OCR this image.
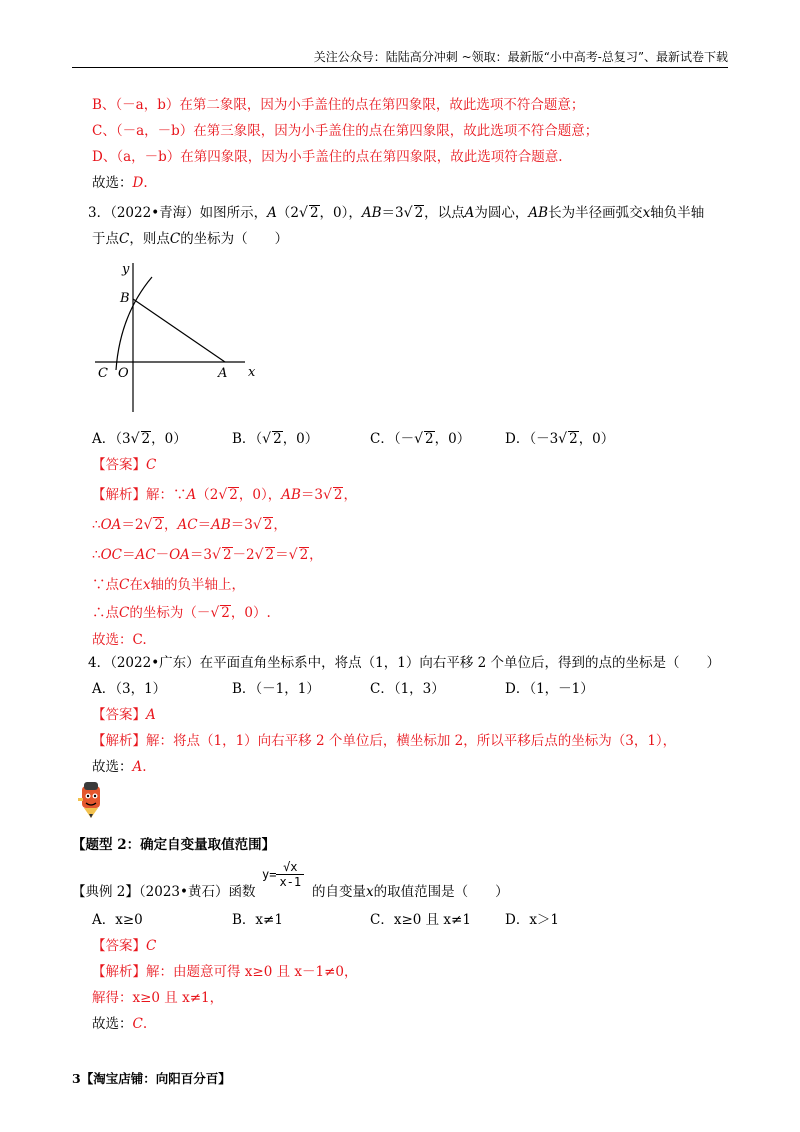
关注公众号：陆陆高分冲刺 ~领取：最新版“小中高考-总复习”、最新试卷下载
B、（－a，b）在第二象限，因为小手盖住的点在第四象限，故此选项不符合题意；
C、（－a，－b）在第三象限，因为小手盖住的点在第四象限，故此选项不符合题意；
D、（a，－b）在第四象限，因为小手盖住的点在第四象限，故此选项符合题意.
故选：D.
3．（2022•青海）如图所示，A（2√ 2，0），AB＝3√ 2，以点A为圆心，AB长为半径画弧交x轴负半轴
于点C，则点C的坐标为（　　）
y
x
B
C O	A
A．（3√ 2，0）	B．（√ 2，0）	C．（－√ 2，0）	D．（－3√ 2，0）
【答案】C
【解析】解：∵A（2√ 2，0），AB＝3√ 2，
∴OA＝2√ 2，AC＝AB＝3√ 2，
∴OC＝AC－OA＝3√ 2－2√ 2＝√ 2，
∵点C在x轴的负半轴上，
∴点C的坐标为（－√ 2，0）.
故选：C.
4．（2022•广东）在平面直角坐标系中，将点（1，1）向右平移 2 个单位后，得到的点的坐标是（　　）
A．（3，1）	B．（－1，1）	C．（1，3）	D．（1，－1）
【答案】A
【解析】解：将点（1，1）向右平移 2 个单位后，横坐标加 2，所以平移后点的坐标为（3，1），
故选：A.
【题型 2：确定自变量取值范围】
【典例 2】（2023•黄石）函数
$y= \frac{√x}{x-1}$
的自变量x的取值范围是（　　）
A．x≥0	B．x≠1	C．x≥0 且 x≠1	D．x＞1
【答案】C
【解析】解：由题意可得 x≥0 且 x－1≠0，
解得：x≥0 且 x≠1，
故选：C.
3【淘宝店铺：向阳百分百】
